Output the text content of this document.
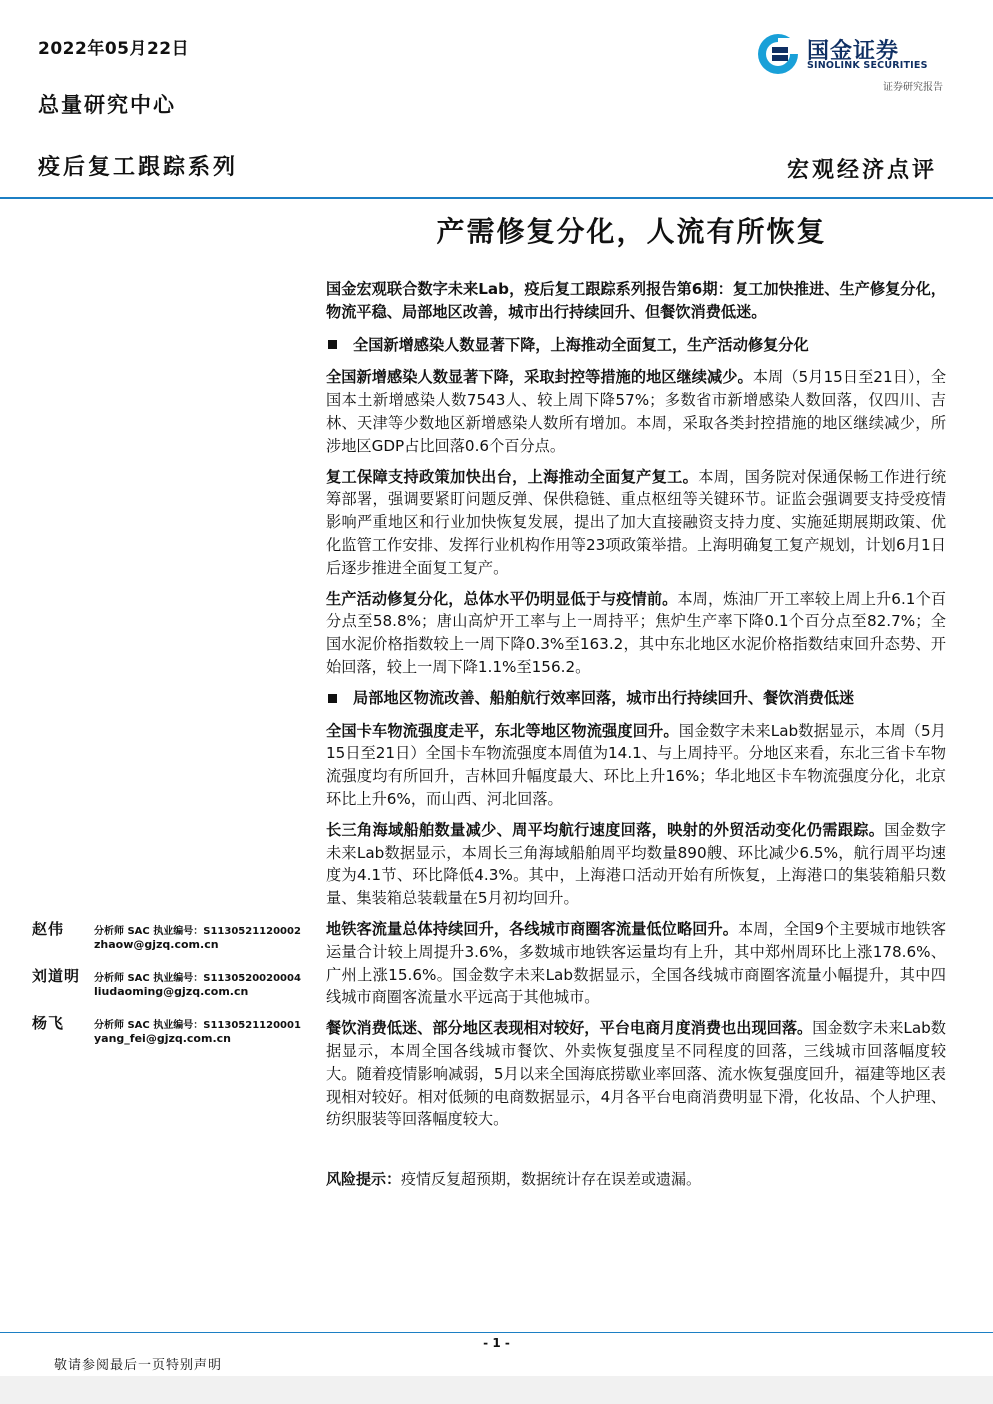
2022年05月22日
总量研究中心
疫后复工跟踪系列	宏观经济点评
国金证券
SINOLINK SECURITIES
证券研究报告
产需修复分化，人流有所恢复

国金宏观联合数字未来Lab，疫后复工跟踪系列报告第6期：复工加快推进、生产修复分化，物流平稳、局部地区改善，城市出行持续回升、但餐饮消费低迷。

全国新增感染人数显著下降，上海推动全面复工，生产活动修复分化

全国新增感染人数显著下降，采取封控等措施的地区继续减少。本周（5月15日至21日），全国本土新增感染人数7543人、较上周下降57%；多数省市新增感染人数回落，仅四川、吉林、天津等少数地区新增感染人数所有增加。本周，采取各类封控措施的地区继续减少，所涉地区GDP占比回落0.6个百分点。

复工保障支持政策加快出台，上海推动全面复产复工。本周，国务院对保通保畅工作进行统筹部署，强调要紧盯问题反弹、保供稳链、重点枢纽等关键环节。证监会强调要支持受疫情影响严重地区和行业加快恢复发展，提出了加大直接融资支持力度、实施延期展期政策、优化监管工作安排、发挥行业机构作用等23项政策举措。上海明确复工复产规划，计划6月1日后逐步推进全面复工复产。

生产活动修复分化，总体水平仍明显低于与疫情前。本周，炼油厂开工率较上周上升6.1个百分点至58.8%；唐山高炉开工率与上一周持平；焦炉生产率下降0.1个百分点至82.7%；全国水泥价格指数较上一周下降0.3%至163.2，其中东北地区水泥价格指数结束回升态势、开始回落，较上一周下降1.1%至156.2。

局部地区物流改善、船舶航行效率回落，城市出行持续回升、餐饮消费低迷

全国卡车物流强度走平，东北等地区物流强度回升。国金数字未来Lab数据显示，本周（5月15日至21日）全国卡车物流强度本周值为14.1、与上周持平。分地区来看，东北三省卡车物流强度均有所回升，吉林回升幅度最大、环比上升16%；华北地区卡车物流强度分化，北京环比上升6%，而山西、河北回落。

长三角海域船舶数量减少、周平均航行速度回落，映射的外贸活动变化仍需跟踪。国金数字未来Lab数据显示，本周长三角海域船舶周平均数量890艘、环比减少6.5%，航行周平均速度为4.1节、环比降低4.3%。其中，上海港口活动开始有所恢复，上海港口的集装箱船只数量、集装箱总装载量在5月初均回升。

地铁客流量总体持续回升，各线城市商圈客流量低位略回升。本周，全国9个主要城市地铁客运量合计较上周提升3.6%，多数城市地铁客运量均有上升，其中郑州周环比上涨178.6%、广州上涨15.6%。国金数字未来Lab数据显示，全国各线城市商圈客流量小幅提升，其中四线城市商圈客流量水平远高于其他城市。

餐饮消费低迷、部分地区表现相对较好，平台电商月度消费也出现回落。国金数字未来Lab数据显示，本周全国各线城市餐饮、外卖恢复强度呈不同程度的回落，三线城市回落幅度较大。随着疫情影响减弱，5月以来全国海底捞歇业率回落、流水恢复强度回升，福建等地区表现相对较好。相对低频的电商数据显示，4月各平台电商消费明显下滑，化妆品、个人护理、纺织服装等回落幅度较大。

风险提示：疫情反复超预期，数据统计存在误差或遗漏。
赵伟	分析师 SAC 执业编号：S1130521120002
zhaow@gjzq.com.cn
刘道明 分析师 SAC 执业编号：S1130520020004
liudaoming@gjzq.com.cn
杨飞	分析师 SAC 执业编号：S1130521120001
yang_fei@gjzq.com.cn
- 1 -
敬请参阅最后一页特别声明
